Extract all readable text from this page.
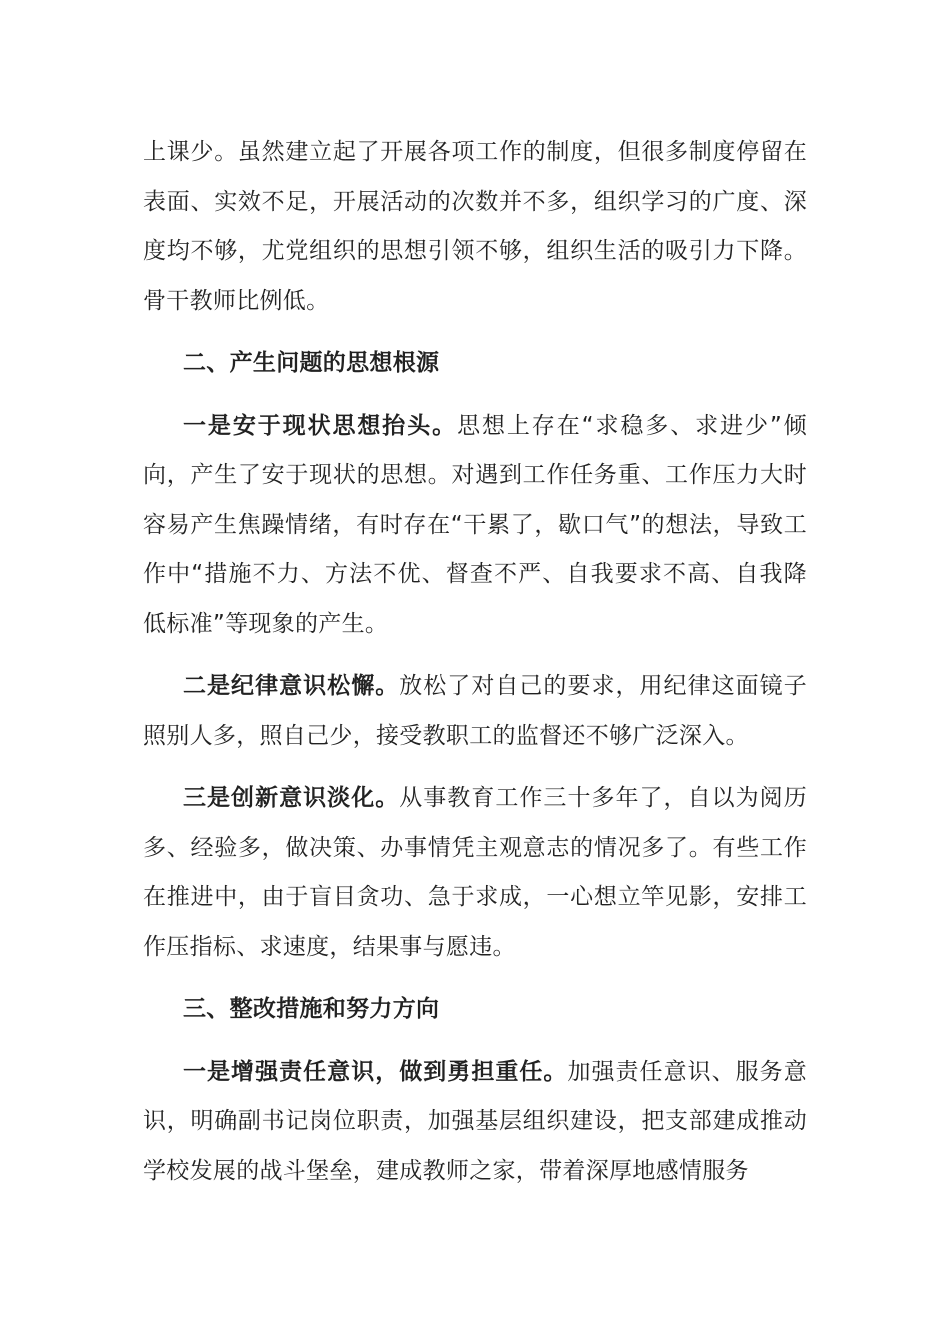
上课少。虽然建立起了开展各项工作的制度，但很多制度停留在表面、实效不足，开展活动的次数并不多，组织学习的广度、深度均不够，尤党组织的思想引领不够，组织生活的吸引力下降。骨干教师比例低。

二、产生问题的思想根源

一是安于现状思想抬头。思想上存在“求稳多、求进少”倾向，产生了安于现状的思想。对遇到工作任务重、工作压力大时容易产生焦躁情绪，有时存在“干累了，歇口气”的想法，导致工作中“措施不力、方法不优、督查不严、自我要求不高、自我降低标准”等现象的产生。

二是纪律意识松懈。放松了对自己的要求，用纪律这面镜子照别人多，照自己少，接受教职工的监督还不够广泛深入。

三是创新意识淡化。从事教育工作三十多年了，自以为阅历多、经验多，做决策、办事情凭主观意志的情况多了。有些工作在推进中，由于盲目贪功、急于求成，一心想立竿见影，安排工作压指标、求速度，结果事与愿违。

三、整改措施和努力方向

一是增强责任意识，做到勇担重任。加强责任意识、服务意识，明确副书记岗位职责，加强基层组织建设，把支部建成推动学校发展的战斗堡垒，建成教师之家，带着深厚地感情服务
